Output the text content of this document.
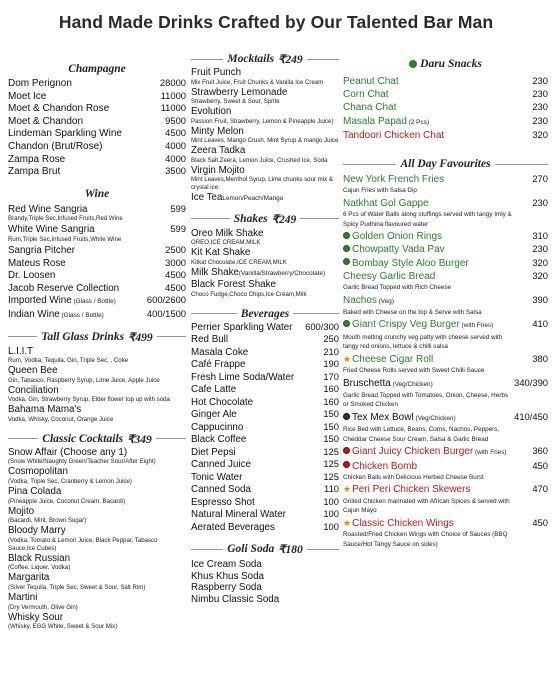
Hand Made Drinks Crafted by Our Talented Bar Man
Champagne
Dom Perignon	28000
Moet Ice	11000
Moet & Chandon Rose	11000
Moet & Chandon	9500
Lindeman Sparkling Wine	4500
Chandon (Brut/Rose)	4000
Zampa Rose	4000
Zampa Brut	3500
Wine
Red Wine Sangria	599
Brandy,Triple Sec,Infused Fruits,Red Wine
White Wine Sangria	599
Rum,Triple Sec,Infused Fruits,White Wine
Sangria Pitcher	2500
Mateus Rose	3000
Dr. Loosen	4500
Jacob Reserve Collection	4500
Imported Wine (Glass / Bottle)	600/2600
Indian Wine (Glass / Bottle)	400/1500
Tall Glass Drinks ₹499
L.I.I.T
Rum, Vodka, Tequila, Gin, Triple Sec, , Coke
Queen Bee
Gin, Tabasco, Raspberry Syrup, Lime Juice, Apple Juice
Conciliation
Vodka, Gin, Strawberry Syrup, Elder flower top up with soda
Bahama Mama's
Vodka, Whisky, Coconut, Orange Juice
Classic Cocktails ₹349
Snow Affair (Choose any 1)
(Snow White/Naughty Green/Teacher Sour/After Eight)
Cosmopolitan
(Vodka, Triple Sec, Cranberry & Lemon Juice)
Pina Colada
(Pineapple Juice, Coconut Cream, Bacardi)
Mojito
(Bacardi, Mint, Brown Sugar)
Bloody Marry
(Vodka, Tomato & Lemon Juice, Black Peppar, Tabasco Sauce,Ice Cubes)
Black Russian
(Coffee, Liquer, Vodka)
Margarita
(Silver Tequila, Triple Sec, Sweet & Sour, Salt Rim)
Martini
(Dry Vermouth, Olive Gin)
Whisky Sour
(Whisky, EGG White, Sweet & Sour Mix)
Mocktails ₹249
Fruit Punch
Mix Fruit Juice, Fruit Chunks & Vanilla Ice Cream
Strawberry Lemonade
Strawberry, Sweet & Sour, Sprite
Evolution
Passion Fruit, Strawberry, Lemon & Pineapple Juice)
Minty Melon
Mint Leaves, Mango Crush, Mint Syrup & mango Juice
Zeera Tadka
Black Salt,Zeera, Lemon Juice, Crushed Ice, Soda
Virgin Mojito
Mint Leaves,Menthol Syrup, Lime chunks sour mix & crystal ice
Ice TeaLemon/Peach/Mango
Shakes ₹249
Oreo Milk Shake
OREO,ICE CREAM,MILK
Kit Kat Shake
Kitkat Chocolate,ICE CREAM,MILK
Milk Shake(Vanilla/Strawberry/Chocolate)
Black Forest Shake
Choco Fudge,Choco Chips,Ice Cream,Milk
Beverages
Perrier Sparkling Water 600/300
Red Bull	250
Masala Coke	210
Café Frappe	190
Fresh Lime Soda/Water	170
Cafe Latte	160
Hot Chocolate	160
Ginger Ale	150
Cappucinno	150
Black Coffee	150
Diet Pepsi	125
Canned Juice	125
Tonic Water	125
Canned Soda	110
Espresso Shot	100
Natural Mineral Water	100
Aerated Beverages	100
Goli Soda ₹180
Ice Cream Soda
Khus Khus Soda
Raspberry Soda
Nimbu Classic Soda
Daru Snacks
Peanut Chat	230
Corn Chat	230
Chana Chat	230
Masala Papad (2 Pcs)	230
Tandoori Chicken Chat	320
All Day Favourites
New York French Fries	270
Cajun Fries with Salsa Dip
Natkhat Gol Gappe	230
6 Pcs of Water Balls along stuffings served with tangy Imly & Spicy Pudhina flavoured water
Golden Onion Rings	310
Chowpatty Vada Pav	230
Bombay Style Aloo Burger	320
Cheesy Garlic Bread	320
Garlic Bread Topped with Rich Cheese
Nachos (Veg)	390
Baked with Cheese on the top & Serve with Salsa
Giant Crispy Veg Burger (with Fries)	410
Mouth melting crunchy veg patty with cheese served with tangy red onions, lettuce & chilli salsa
★Cheese Cigar Roll	380
Fried Cheese Rolls served with Sweet Chilli Sauce
Bruschetta (Veg/Chicken)	340/390
Garlic Bread Topped with Tomatoes, Onion, Cheese, Herbs or Smoked Chicken
Tex Mex Bowl (Veg/Chicken)	410/450
Rice Bed with Lettuce, Beans, Corns, Nachos, Peppers, Cheddar Cheese Sour Cream, Salsa & Garlic Bread
Giant Juicy Chicken Burger (with Fries)	360
Chicken Bomb	450
Chicken Balls with Delicious Herbed Cheese Burst
★Peri Peri Chicken Skewers	470
Grilled Chicken marinated with African Spices & served with Cajun Mayo
★Classic Chicken Wings	450
Roasted/Fried Chicken Wings with Choice of Sauces (BBQ Sauce/Hot Tangy Sauce on sides)
